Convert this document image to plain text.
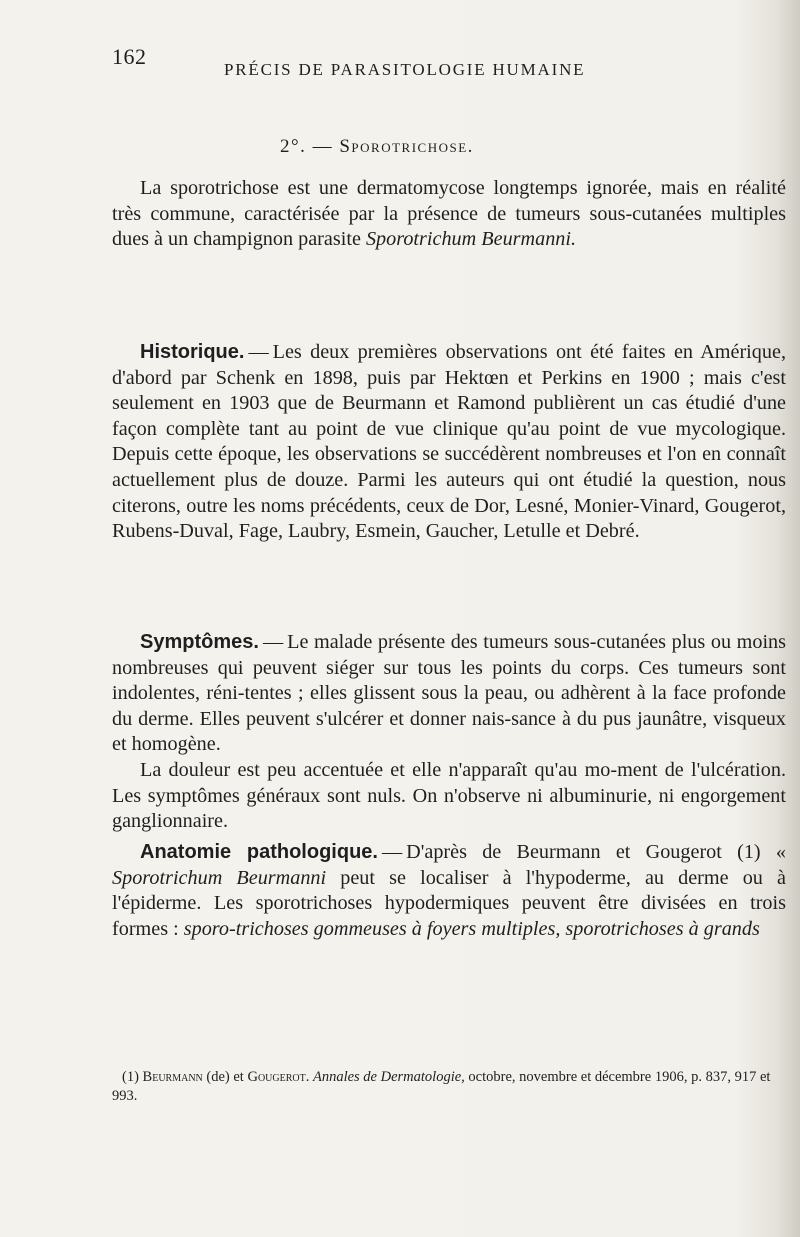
162
PRÉCIS DE PARASITOLOGIE HUMAINE
2°. — Sporotrichose.

La sporotrichose est une dermatomycose longtemps ignorée, mais en réalité très commune, caractérisée par la présence de tumeurs sous-cutanées multiples dues à un champignon parasite Sporotrichum Beurmanni.

Historique. — Les deux premières observations ont été faites en Amérique, d'abord par Schenk en 1898, puis par Hektœn et Perkins en 1900 ; mais c'est seulement en 1903 que de Beurmann et Ramond publièrent un cas étudié d'une façon complète tant au point de vue clinique qu'au point de vue mycologique. Depuis cette époque, les observations se succédèrent nombreuses et l'on en connaît actuellement plus de douze. Parmi les auteurs qui ont étudié la question, nous citerons, outre les noms précédents, ceux de Dor, Lesné, Monier-Vinard, Gougerot, Rubens-Duval, Fage, Laubry, Esmein, Gaucher, Letulle et Debré.

Symptômes. — Le malade présente des tumeurs sous-cutanées plus ou moins nombreuses qui peuvent siéger sur tous les points du corps. Ces tumeurs sont indolentes, réni-tentes ; elles glissent sous la peau, ou adhèrent à la face profonde du derme. Elles peuvent s'ulcérer et donner nais-sance à du pus jaunâtre, visqueux et homogène.

La douleur est peu accentuée et elle n'apparaît qu'au mo-ment de l'ulcération. Les symptômes généraux sont nuls. On n'observe ni albuminurie, ni engorgement ganglionnaire.

Anatomie pathologique. — D'après de Beurmann et Gougerot (1) « Sporotrichum Beurmanni peut se localiser à l'hypoderme, au derme ou à l'épiderme. Les sporotrichoses hypodermiques peuvent être divisées en trois formes : sporo-trichoses gommeuses à foyers multiples, sporotrichoses à grands

(1) Beurmann (de) et Gougerot. Annales de Dermatologie, octobre, novembre et décembre 1906, p. 837, 917 et 993.
